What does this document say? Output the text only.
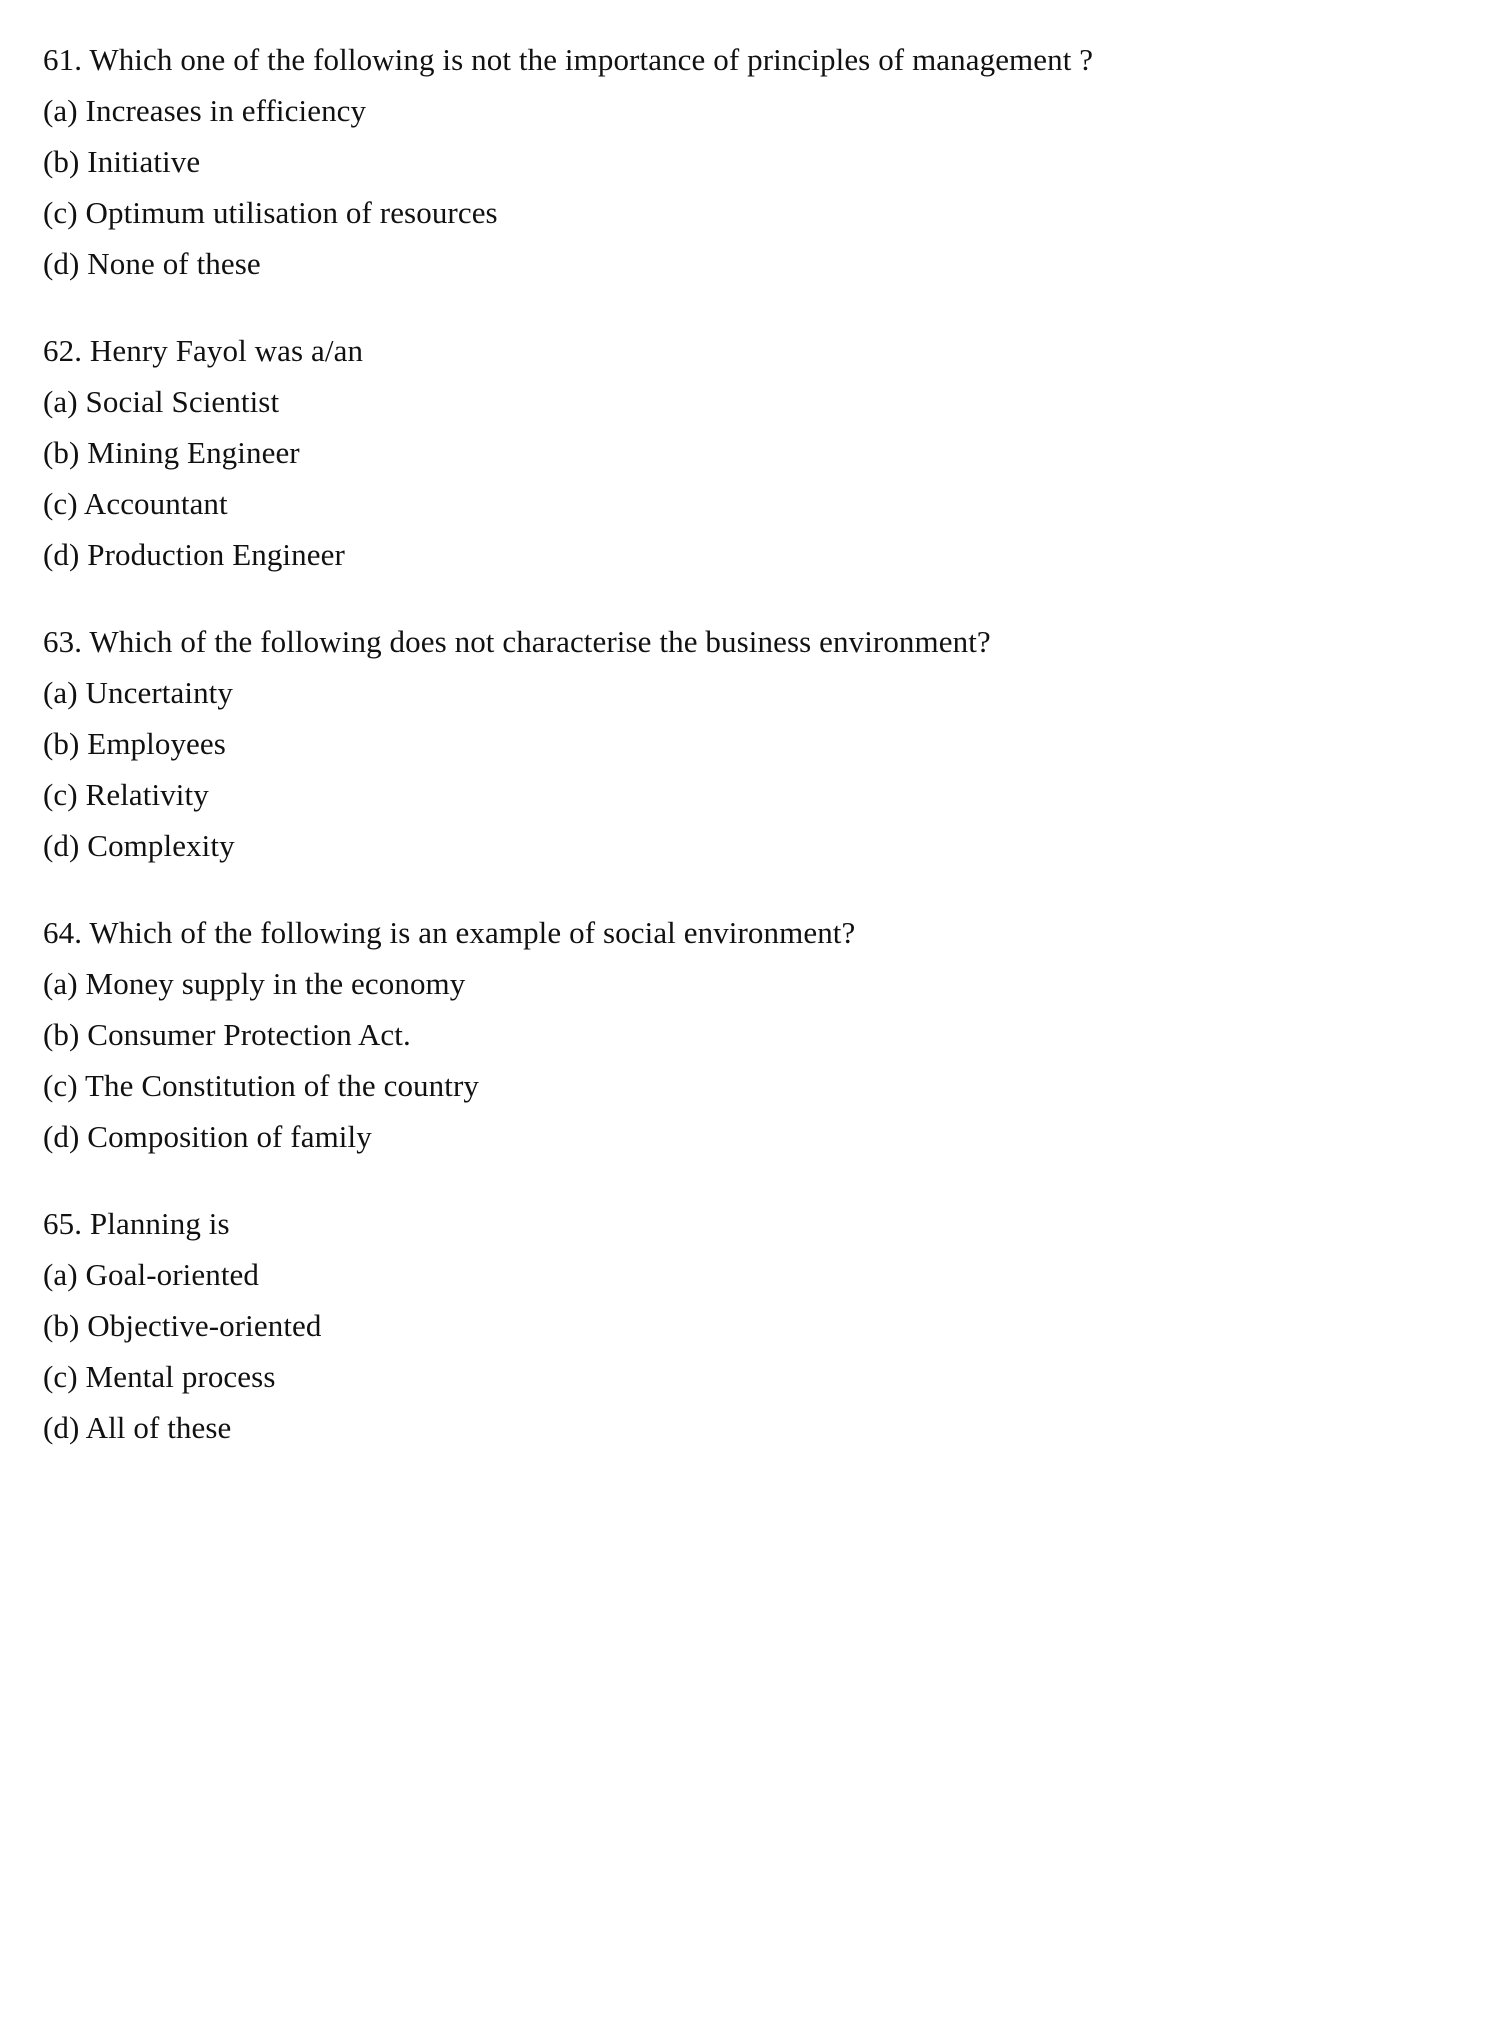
61. Which one of the following is not the importance of principles of management ?
(a) Increases in efficiency
(b) Initiative
(c) Optimum utilisation of resources
(d) None of these
62. Henry Fayol was a/an
(a) Social Scientist
(b) Mining Engineer
(c) Accountant
(d) Production Engineer
63. Which of the following does not characterise the business environment?
(a) Uncertainty
(b) Employees
(c) Relativity
(d) Complexity
64. Which of the following is an example of social environment?
(a) Money supply in the economy
(b) Consumer Protection Act.
(c) The Constitution of the country
(d) Composition of family
65. Planning is
(a) Goal-oriented
(b) Objective-oriented
(c) Mental process
(d) All of these
